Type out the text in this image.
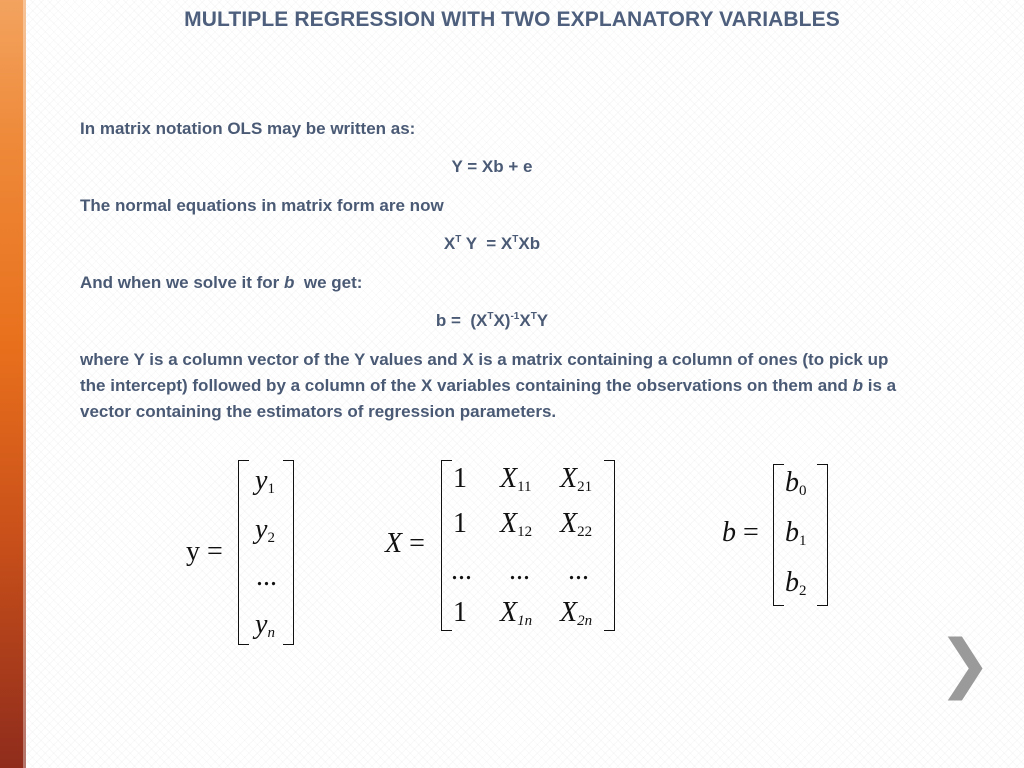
MULTIPLE REGRESSION WITH TWO EXPLANATORY VARIABLES
In matrix notation OLS may be written as:
Y = Xb + e
The normal equations in matrix form are now
$X^T$ $Y = X^TXb$
And when we solve it for b  we get:
$b = (X^TX)^{-1}X^TY$
where Y is a column vector of the Y values and X is a matrix containing a column of ones (to pick up the intercept) followed by a column of the X variables containing the observations on them and b is a vector containing the estimators of regression parameters.
y =
$y_1$
$y_2$
...
$y_n$
X =
1 $X_{11}$ $X_{21}$
1 $X_{12}$ $X_{22}$
... ... ...
1 $X_{1n}$ $X_{2n}$
b =
$b_0$
$b_1$
$b_2$
❯
